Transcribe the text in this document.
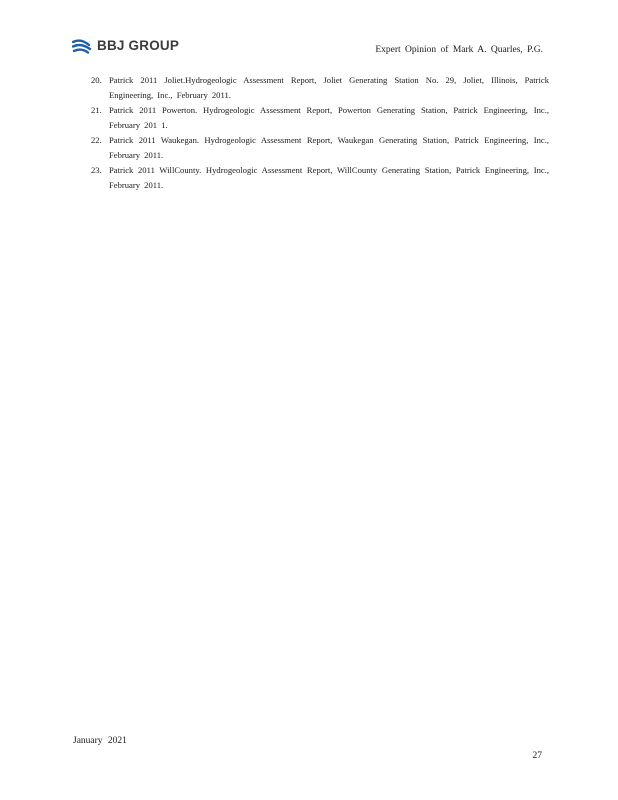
BBJ GROUP	Expert Opinion of Mark A. Quarles, P.G.
20. Patrick 2011 Joliet.Hydrogeologic Assessment Report, Joliet Generating Station No. 29, Joliet, Illinois, Patrick Engineering, Inc., February 2011.
21. Patrick 2011 Powerton. Hydrogeologic Assessment Report, Powerton Generating Station, Patrick Engineering, Inc., February 201 1.
22. Patrick 2011 Waukegan. Hydrogeologic Assessment Report, Waukegan Generating Station, Patrick Engineering, Inc., February 2011.
23. Patrick 2011 WillCounty. Hydrogeologic Assessment Report, WillCounty Generating Station, Patrick Engineering, Inc., February 2011.
January 2021
27
